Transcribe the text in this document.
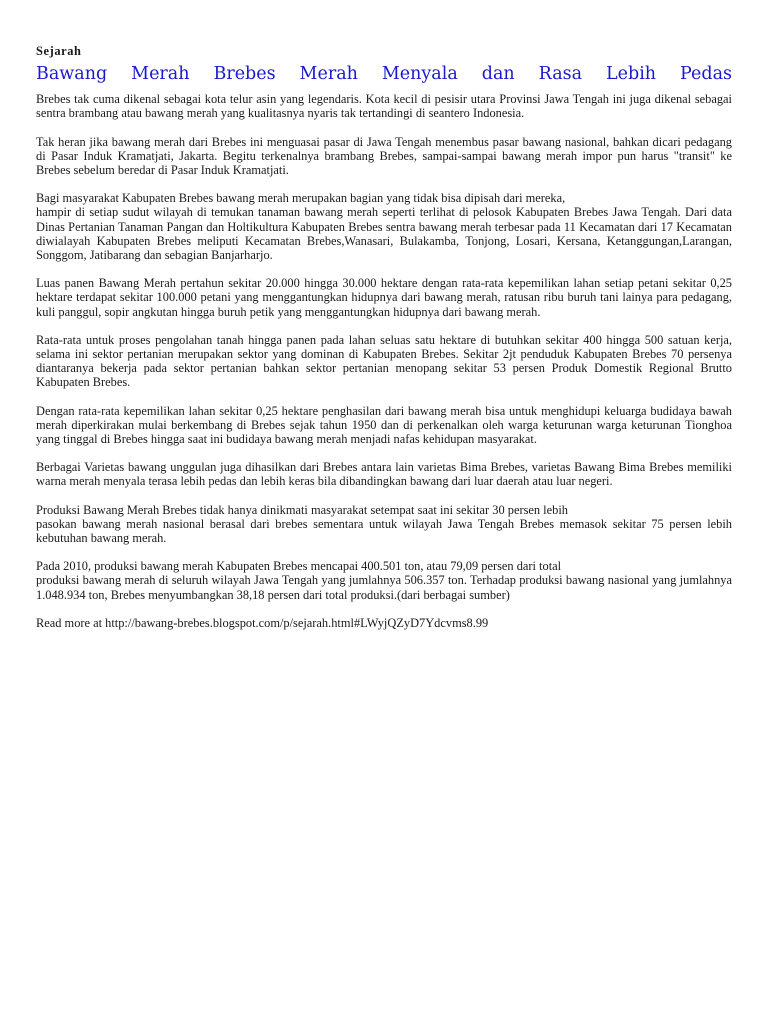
Sejarah
Bawang Merah Brebes Merah Menyala dan Rasa Lebih Pedas

Brebes tak cuma dikenal sebagai kota telur asin yang legendaris. Kota kecil di pesisir utara Provinsi Jawa Tengah ini juga dikenal sebagai sentra brambang atau bawang merah yang kualitasnya nyaris tak tertandingi di seantero Indonesia.

Tak heran jika bawang merah dari Brebes ini menguasai pasar di Jawa Tengah menembus pasar bawang nasional, bahkan dicari pedagang di Pasar Induk Kramatjati, Jakarta. Begitu terkenalnya brambang Brebes, sampai-sampai bawang merah impor pun harus "transit" ke Brebes sebelum beredar di Pasar Induk Kramatjati.

Bagi masyarakat Kabupaten Brebes bawang merah merupakan bagian yang tidak bisa dipisah dari mereka,
hampir di setiap sudut wilayah di temukan tanaman bawang merah seperti terlihat di pelosok Kabupaten Brebes Jawa Tengah. Dari data Dinas Pertanian Tanaman Pangan dan Holtikultura Kabupaten Brebes sentra bawang merah terbesar pada 11 Kecamatan dari 17 Kecamatan diwialayah Kabupaten Brebes meliputi Kecamatan Brebes,Wanasari, Bulakamba, Tonjong, Losari, Kersana, Ketanggungan,Larangan, Songgom, Jatibarang dan sebagian Banjarharjo.

Luas panen Bawang Merah pertahun sekitar 20.000 hingga 30.000 hektare dengan rata-rata kepemilikan lahan setiap petani sekitar 0,25 hektare terdapat sekitar 100.000 petani yang menggantungkan hidupnya dari bawang merah, ratusan ribu buruh tani lainya para pedagang, kuli panggul, sopir angkutan hingga buruh petik yang menggantungkan hidupnya dari bawang merah.

Rata-rata untuk proses pengolahan tanah hingga panen pada lahan seluas satu hektare di butuhkan sekitar 400 hingga 500 satuan kerja, selama ini sektor pertanian merupakan sektor yang dominan di Kabupaten Brebes. Sekitar 2jt penduduk Kabupaten Brebes 70 persenya diantaranya bekerja pada sektor pertanian bahkan sektor pertanian menopang sekitar 53 persen Produk Domestik Regional Brutto Kabupaten Brebes.

Dengan rata-rata kepemilikan lahan sekitar 0,25 hektare penghasilan dari bawang merah bisa untuk menghidupi keluarga budidaya bawah merah diperkirakan mulai berkembang di Brebes sejak tahun 1950 dan di perkenalkan oleh warga keturunan warga keturunan Tionghoa yang tinggal di Brebes hingga saat ini budidaya bawang merah menjadi nafas kehidupan masyarakat.

Berbagai Varietas bawang unggulan juga dihasilkan dari Brebes antara lain varietas Bima Brebes, varietas Bawang Bima Brebes memiliki warna merah menyala terasa lebih pedas dan lebih keras bila dibandingkan bawang dari luar daerah atau luar negeri.

Produksi Bawang Merah Brebes tidak hanya dinikmati masyarakat setempat saat ini sekitar 30 persen lebih
pasokan bawang merah nasional berasal dari brebes sementara untuk wilayah Jawa Tengah Brebes memasok sekitar 75 persen lebih kebutuhan bawang merah.

Pada 2010, produksi bawang merah Kabupaten Brebes mencapai 400.501 ton, atau 79,09 persen dari total
produksi bawang merah di seluruh wilayah Jawa Tengah yang jumlahnya 506.357 ton. Terhadap produksi bawang nasional yang jumlahnya 1.048.934 ton, Brebes menyumbangkan 38,18 persen dari total produksi.(dari berbagai sumber)

Read more at http://bawang-brebes.blogspot.com/p/sejarah.html#LWyjQZyD7Ydcvms8.99
